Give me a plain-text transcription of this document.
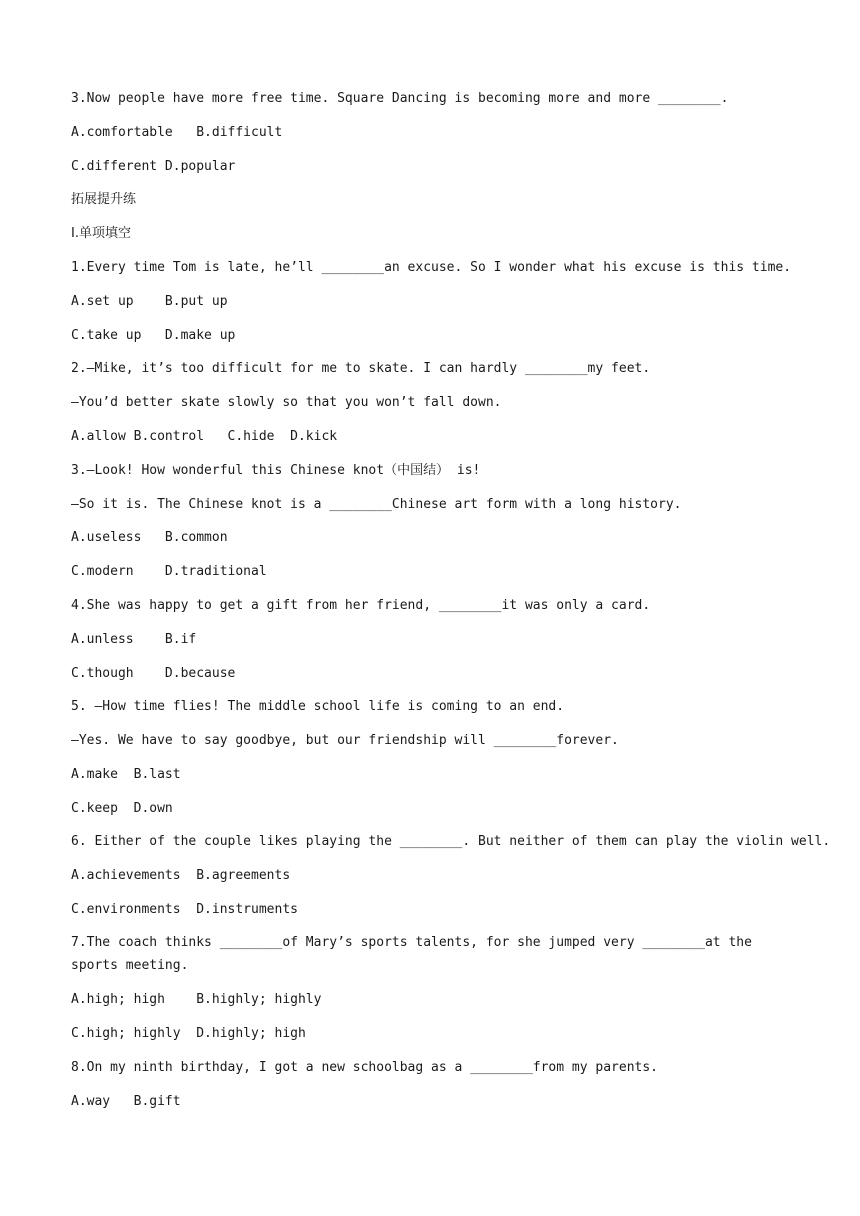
3.Now people have more free time. Square Dancing is becoming more and more ________.
A.comfortable   B.difficult
C.different D.popular
拓展提升练
Ⅰ.单项填空
1.Every time Tom is late, he’ll ________an excuse. So I wonder what his excuse is this time.
A.set up    B.put up
C.take up   D.make up
2.—Mike, it’s too difficult for me to skate. I can hardly ________my feet.
—You’d better skate slowly so that you won’t fall down.
A.allow B.control   C.hide  D.kick
3.—Look! How wonderful this Chinese knot（中国结） is!
—So it is. The Chinese knot is a ________Chinese art form with a long history.
A.useless   B.common
C.modern    D.traditional
4.She was happy to get a gift from her friend, ________it was only a card.
A.unless    B.if
C.though    D.because
5. —How time flies! The middle school life is coming to an end.
—Yes. We have to say goodbye, but our friendship will ________forever.
A.make  B.last
C.keep  D.own
6. Either of the couple likes playing the ________. But neither of them can play the violin well.
A.achievements  B.agreements
C.environments  D.instruments
7.The coach thinks ________of Mary’s sports talents, for she jumped very ________at the sports meeting.
A.high; high    B.highly; highly
C.high; highly  D.highly; high
8.On my ninth birthday, I got a new schoolbag as a ________from my parents.
A.way   B.gift
